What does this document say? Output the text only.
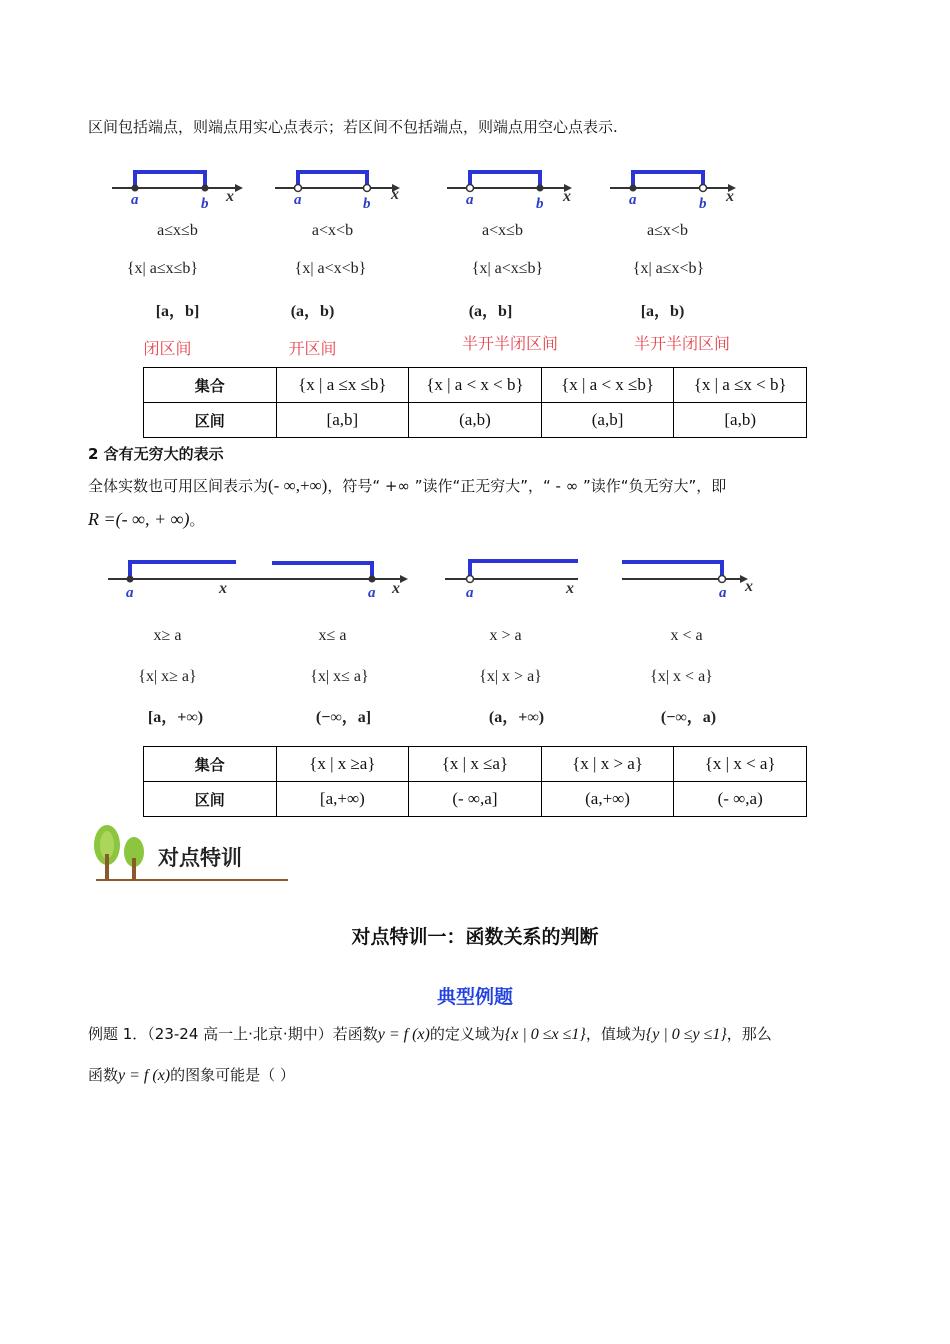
区间包括端点，则端点用实心点表示；若区间不包括端点，则端点用空心点表示.
a	b x	a	b
x	a	b x	a	b x
a≤x≤b	a<x<b	a<x≤b	a≤x<b
{x| a≤x≤b}	{x| a<x<b}	{x| a<x≤b}	{x| a≤x<b}
[a，b]	(a，b)	(a，b]	[a，b)
闭区间	开区间	半开半闭区间	半开半闭区间
集合	{x | a ≤x ≤b}	{x | a < x < b}	{x | a < x ≤b}	{x | a ≤x < b}
区间	[a,b]	(a,b)	(a,b]	[a,b)
2 含有无穷大的表示
全体实数也可用区间表示为(- ∞,+∞)，符号“ +∞ ”读作“正无穷大”，“ - ∞ ”读作“负无穷大”，即
R =(- ∞, + ∞)。
a	x	a x	a	x	a x
x≥ a	x≤ a	x > a	x < a
{x| x≥ a}	{x| x≤ a}	{x| x > a}	{x| x < a}
[a，+∞)	(−∞，a]	(a，+∞)	(−∞，a)
集合	{x | x ≥a}	{x | x ≤a}	{x | x > a}	{x | x < a}
区间	[a,+∞)	(- ∞,a]	(a,+∞)	(- ∞,a)
对点特训
对点特训一：函数关系的判断
典型例题
例题 1．（23-24 高一上·北京·期中）若函数y = f (x)的定义域为{x | 0 ≤x ≤1}，值域为{y | 0 ≤y ≤1}，那么
函数y = f (x)的图象可能是（ ）
